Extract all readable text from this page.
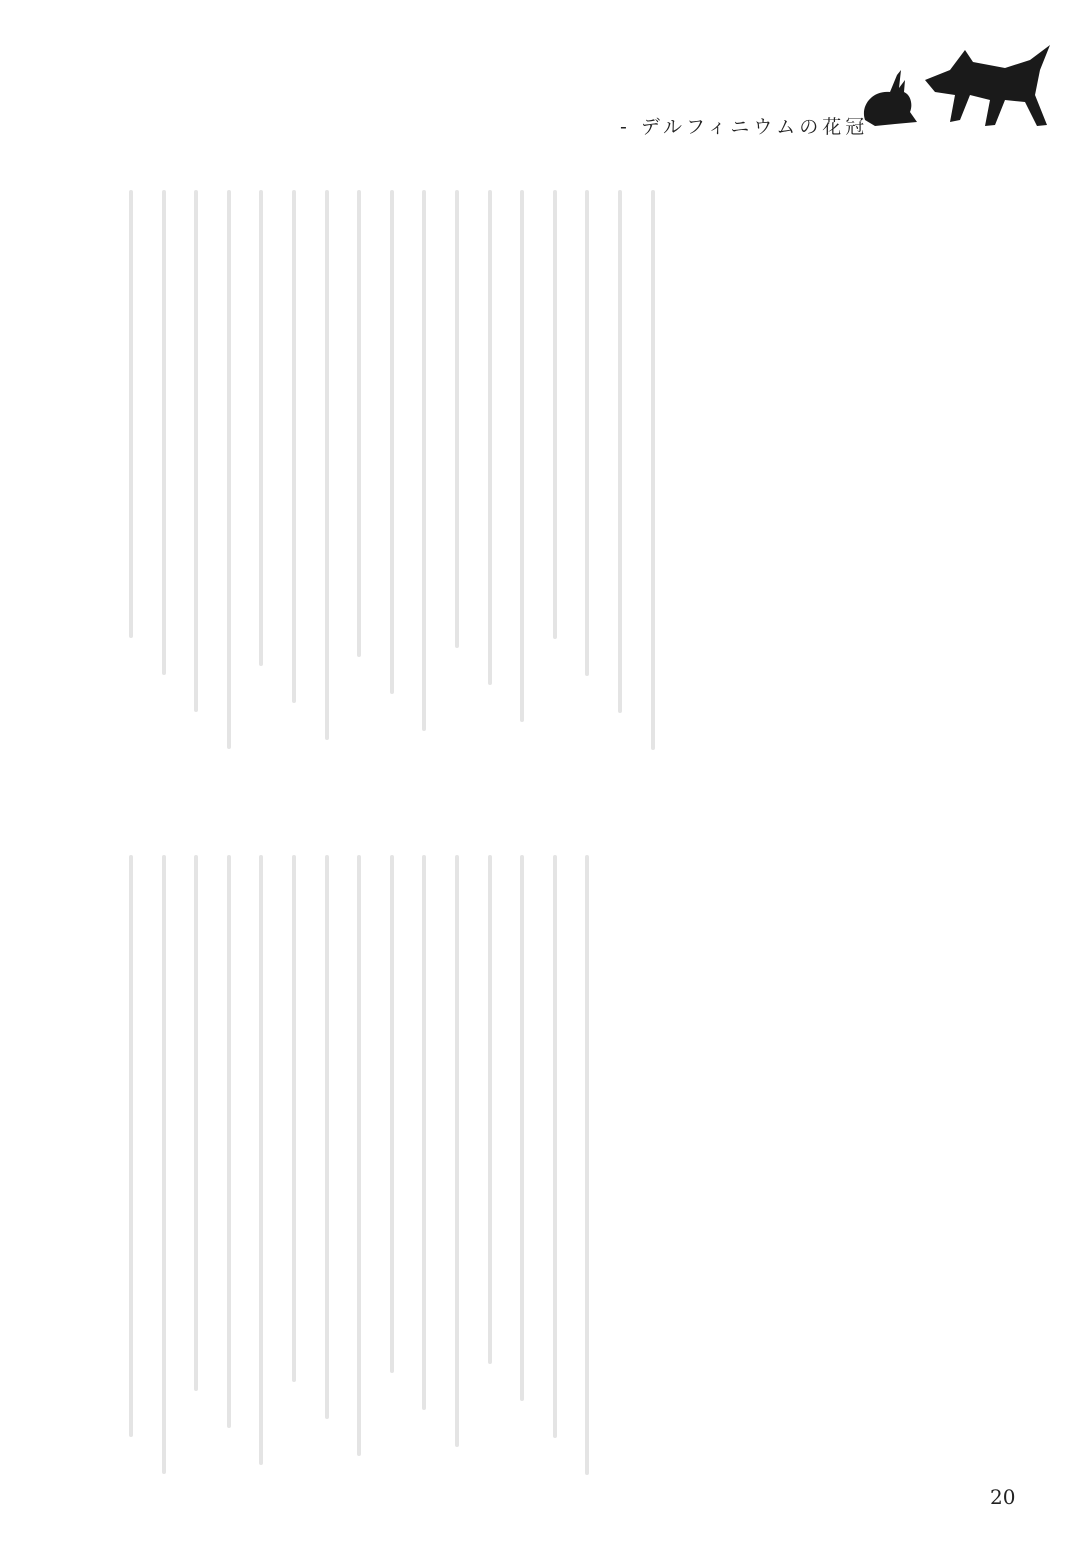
- デルフィニウムの花冠
20
